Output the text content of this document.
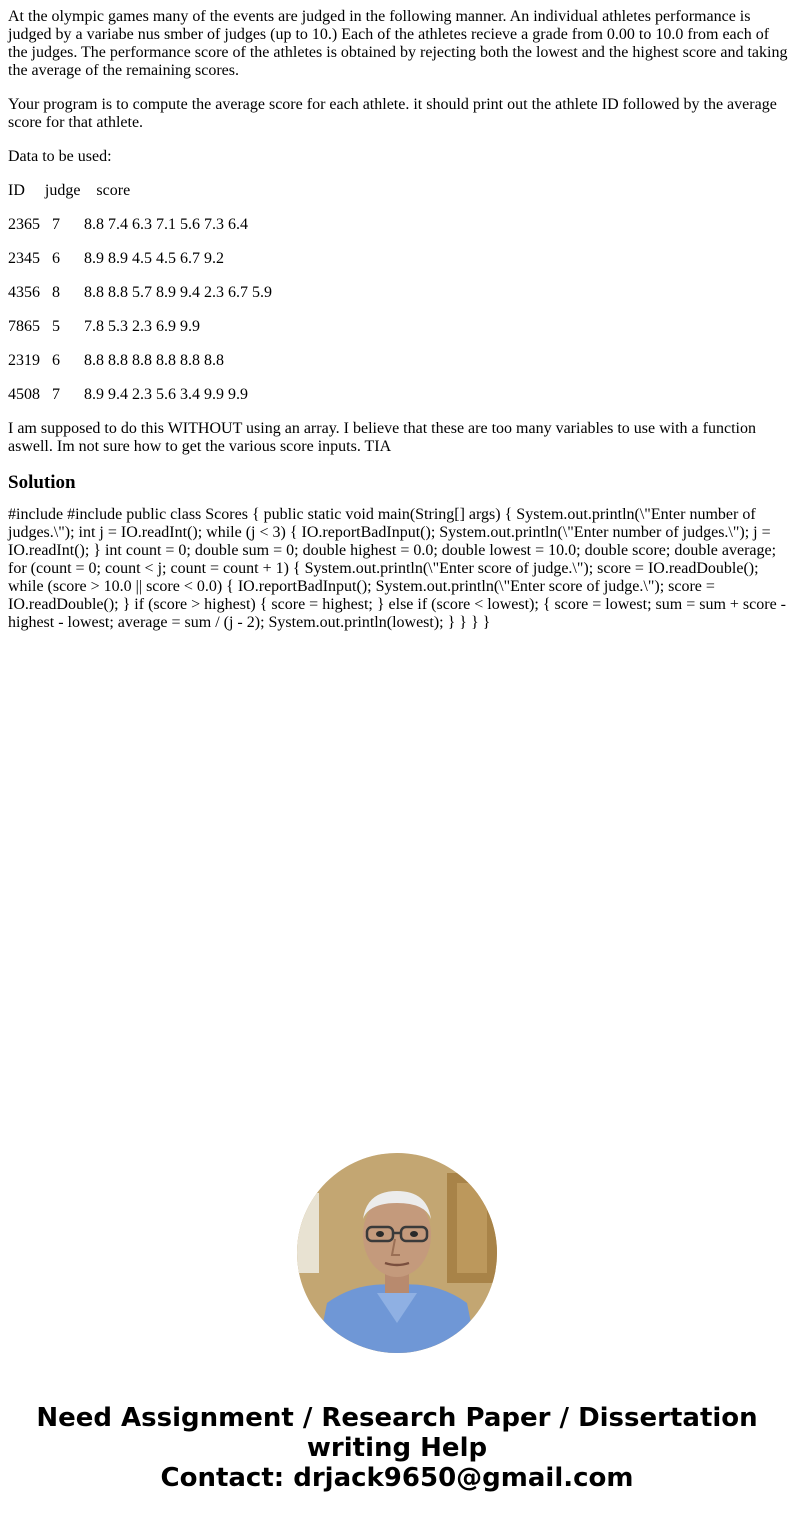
At the olympic games many of the events are judged in the following manner. An individual athletes performance is judged by a variabe nus smber of judges (up to 10.) Each of the athletes recieve a grade from 0.00 to 10.0 from each of the judges. The performance score of the athletes is obtained by rejecting both the lowest and the highest score and taking the average of the remaining scores.

Your program is to compute the average score for each athlete. it should print out the athlete ID followed by the average score for that athlete.

Data to be used:

ID     judge    score

2365   7      8.8 7.4 6.3 7.1 5.6 7.3 6.4

2345   6      8.9 8.9 4.5 4.5 6.7 9.2

4356   8      8.8 8.8 5.7 8.9 9.4 2.3 6.7 5.9

7865   5      7.8 5.3 2.3 6.9 9.9

2319   6      8.8 8.8 8.8 8.8 8.8 8.8

4508   7      8.9 9.4 2.3 5.6 3.4 9.9 9.9

I am supposed to do this WITHOUT using an array. I believe that these are too many variables to use with a function aswell. Im not sure how to get the various score inputs. TIA

Solution

#include #include public class Scores { public static void main(String[] args) { System.out.println(\"Enter number of judges.\"); int j = IO.readInt(); while (j < 3) { IO.reportBadInput(); System.out.println(\"Enter number of judges.\"); j = IO.readInt(); } int count = 0; double sum = 0; double highest = 0.0; double lowest = 10.0; double score; double average; for (count = 0; count < j; count = count + 1) { System.out.println(\"Enter score of judge.\"); score = IO.readDouble(); while (score > 10.0 || score < 0.0) { IO.reportBadInput(); System.out.println(\"Enter score of judge.\"); score = IO.readDouble(); } if (score > highest) { score = highest; } else if (score < lowest); { score = lowest; sum = sum + score - highest - lowest; average = sum / (j - 2); System.out.println(lowest); } } } }

Need Assignment / Research Paper / Dissertation
writing Help
Contact: drjack9650@gmail.com
